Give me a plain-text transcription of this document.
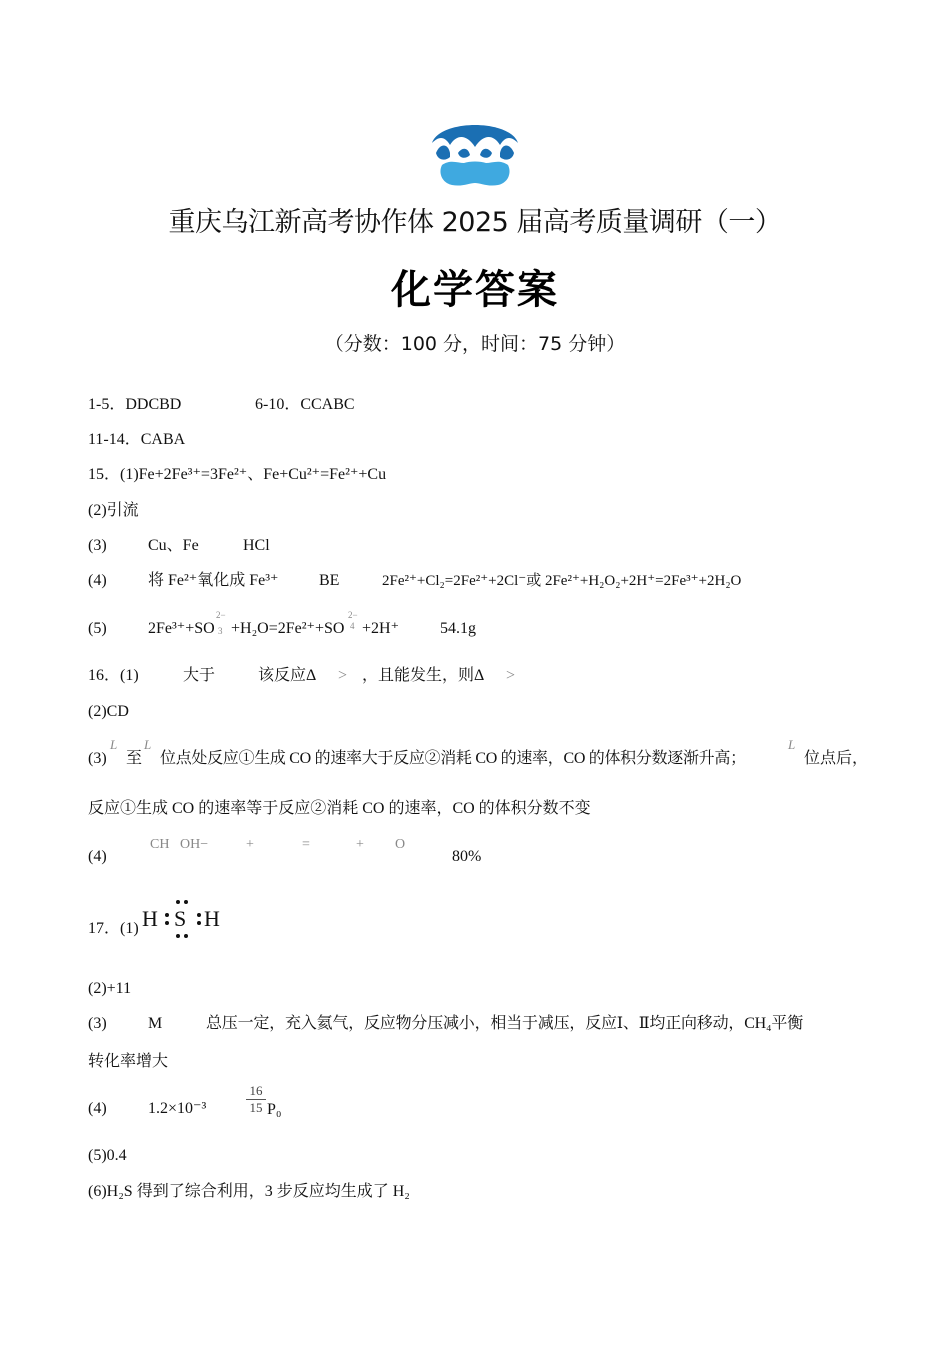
重庆乌江新高考协作体 2025 届高考质量调研（一）
化学答案
（分数：100 分，时间：75 分钟）
1-5．DDCBD	6-10．CCABC
11-14．CABA
15．(1)Fe+2Fe³⁺=3Fe²⁺、Fe+Cu²⁺=Fe²⁺+Cu
(2)引流
(3)	Cu、Fe	HCl
(4)	将 Fe²⁺氧化成 Fe³⁺	BE	2Fe²⁺+Cl₂=2Fe²⁺+2Cl⁻或 2Fe²⁺+H₂O₂+2H⁺=2Fe³⁺+2H₂O
(5)	2Fe³⁺+SO
2−
3 +H₂O=2Fe²⁺+SO
2−
4 +2H⁺	54.1g
16．(1)	大于	该反应Δ > ，且能发生，则Δ >
(2)CD
(3)
L
至
L
位点处反应①生成 CO 的速率大于反应②消耗 CO 的速率，CO 的体积分数逐渐升高；
L
位点后，
反应①生成 CO 的速率等于反应②消耗 CO 的速率，CO 的体积分数不变
(4)
CH OH−	+	=	+ O
80%
17．(1) H S H
(2)+11
(3)	M	总压一定，充入氦气，反应物分压减小，相当于减压，反应Ⅰ、Ⅱ均正向移动，CH₄平衡
转化率增大
(4)	1.2×10⁻³	$\frac{16}{15} P_0$
(5)0.4
(6)H₂S 得到了综合利用，3 步反应均生成了 H₂
